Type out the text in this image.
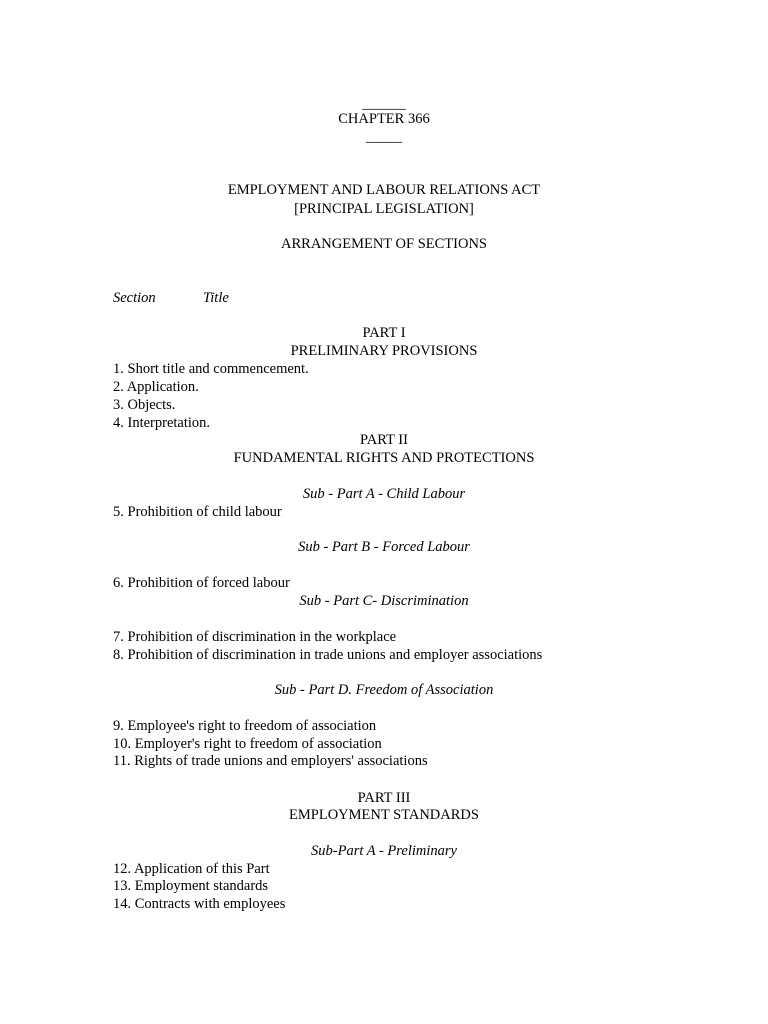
______
CHAPTER 366
_____
EMPLOYMENT AND LABOUR RELATIONS ACT
[PRINCIPAL LEGISLATION]
ARRANGEMENT OF SECTIONS
Section	Title
PART I
PRELIMINARY PROVISIONS
1. Short title and commencement.
2. Application.
3. Objects.
4. Interpretation.
PART II
FUNDAMENTAL RIGHTS AND PROTECTIONS
Sub - Part A - Child Labour
5. Prohibition of child labour
Sub - Part B - Forced Labour
6. Prohibition of forced labour
Sub - Part C- Discrimination
7. Prohibition of discrimination in the workplace
8. Prohibition of discrimination in trade unions and employer associations
Sub - Part D. Freedom of Association
9. Employee's right to freedom of association
10. Employer's right to freedom of association
11. Rights of trade unions and employers' associations
PART III
EMPLOYMENT STANDARDS
Sub-Part A - Preliminary
12. Application of this Part
13. Employment standards
14. Contracts with employees
